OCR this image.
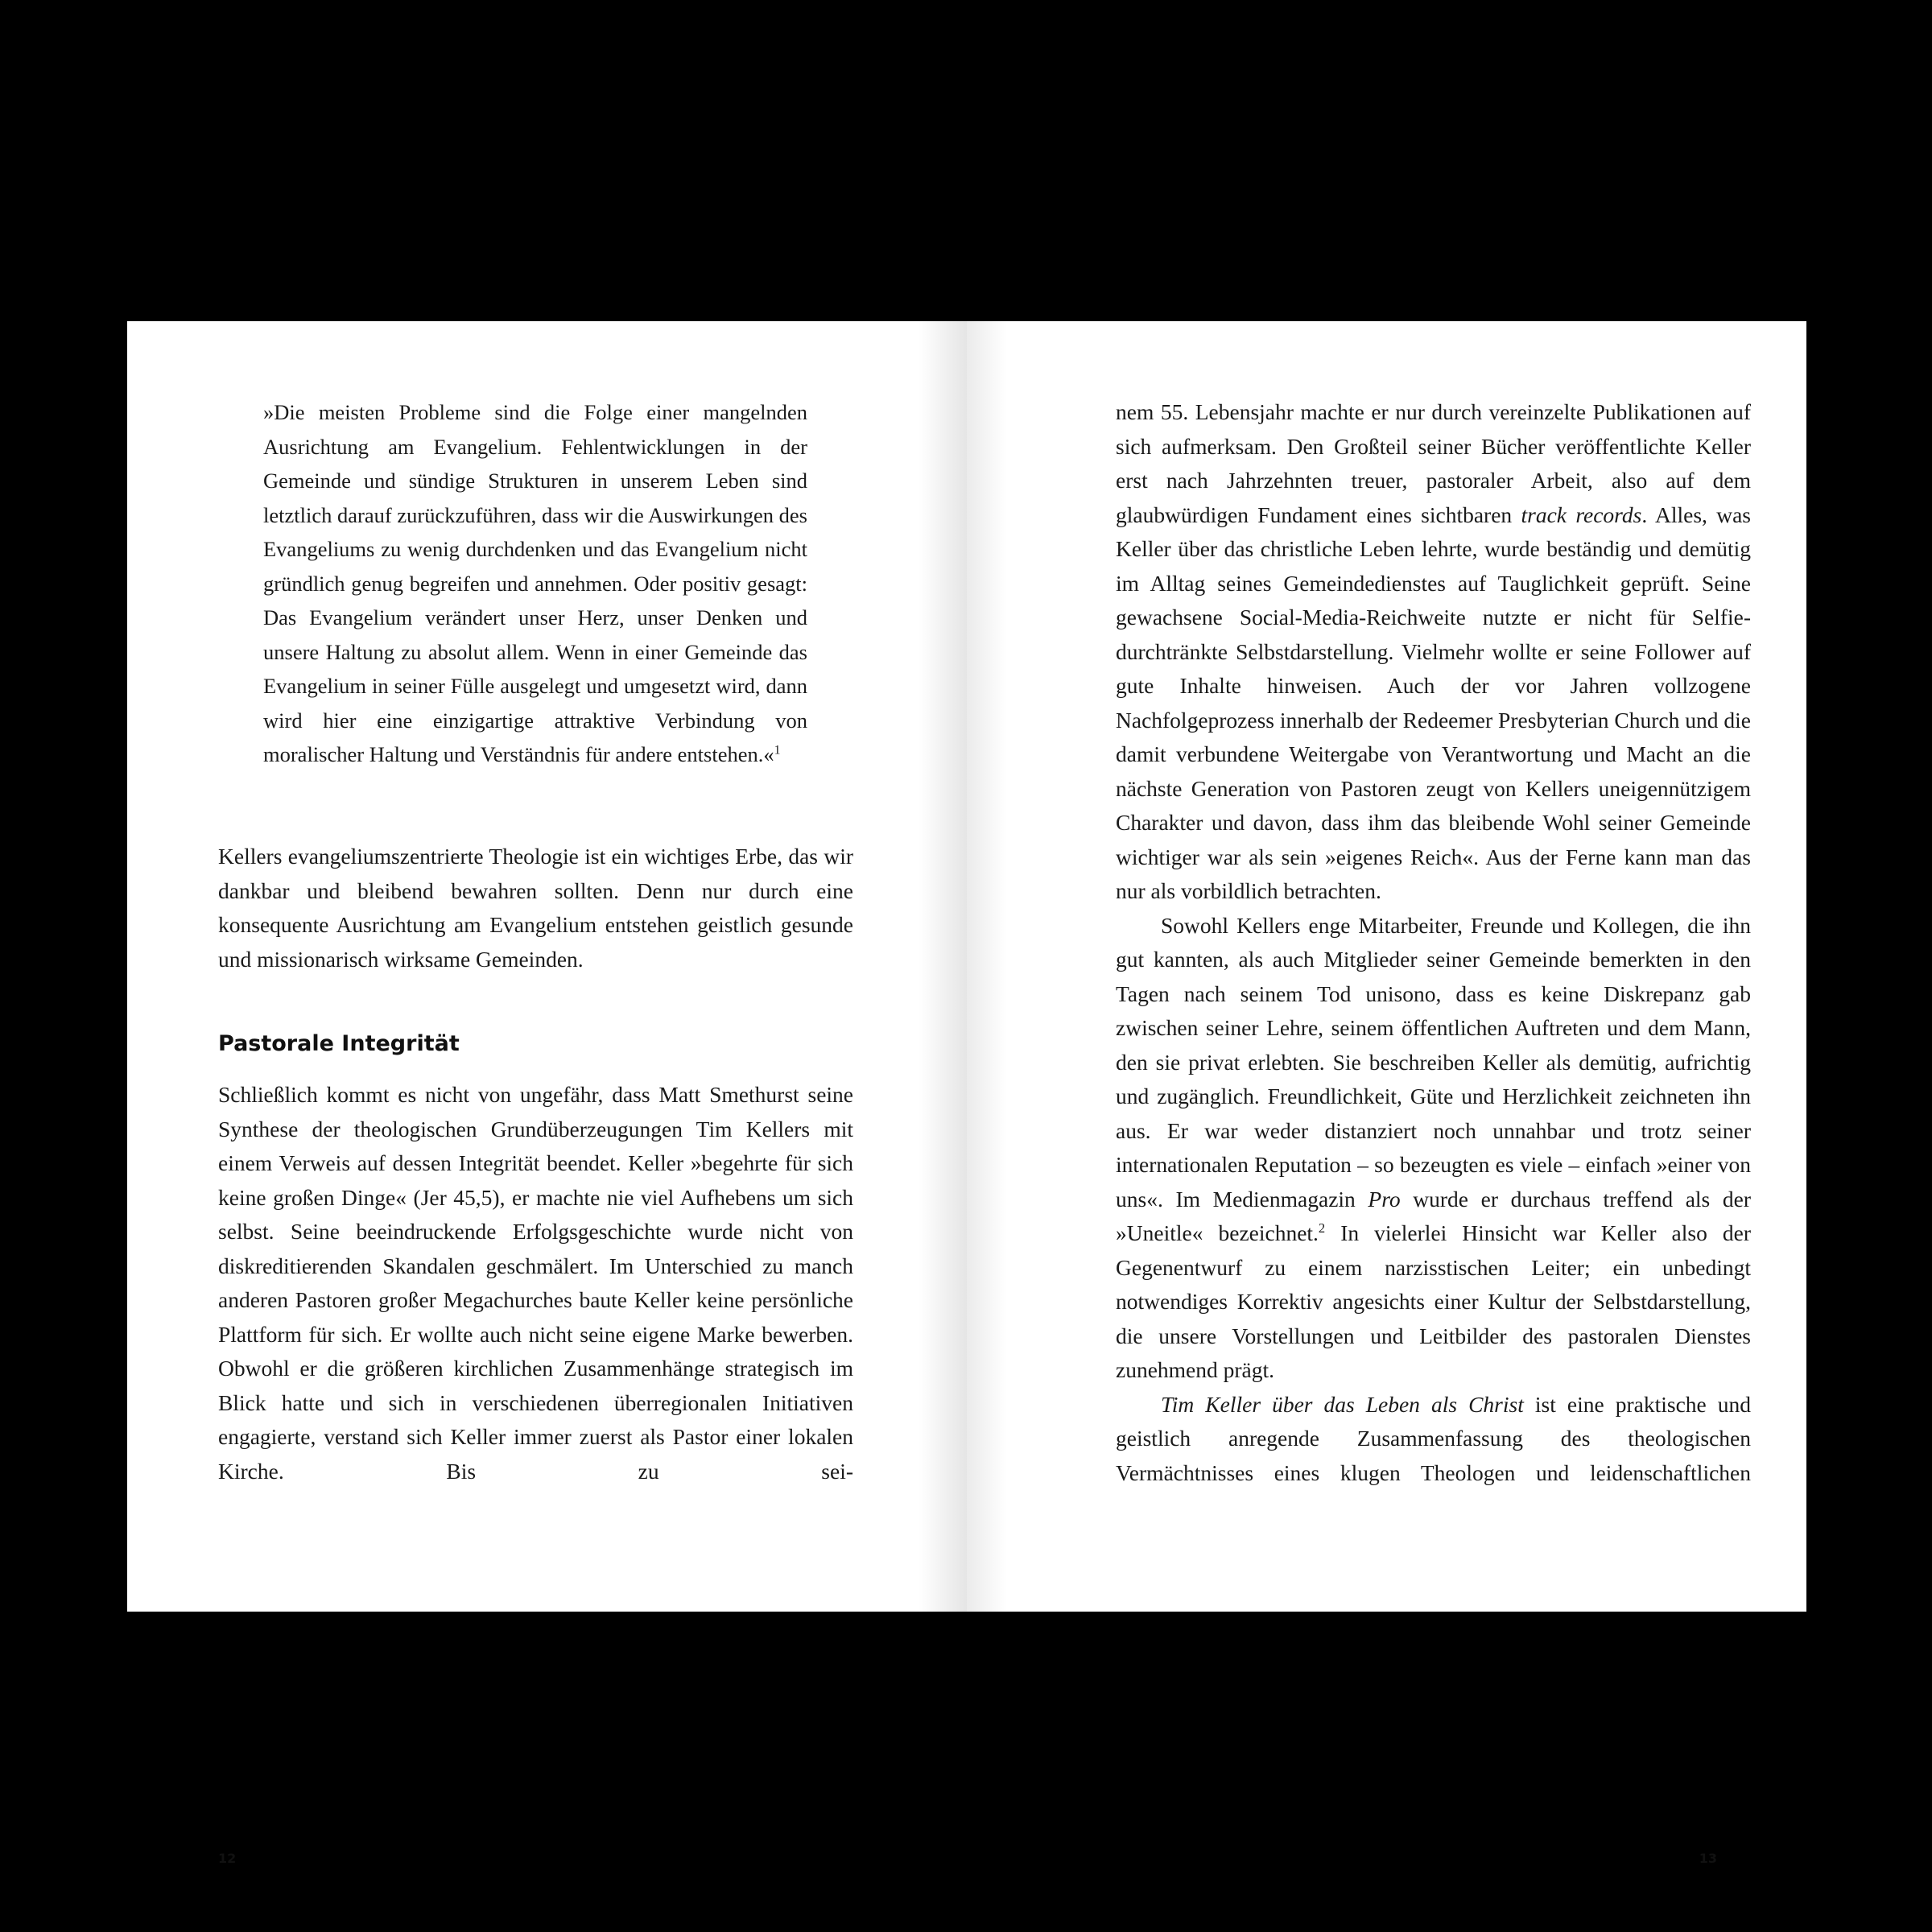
»Die meisten Probleme sind die Folge einer mangelnden Ausrichtung am Evangelium. Fehlentwicklungen in der Gemeinde und sündige Strukturen in unserem Leben sind letztlich darauf zurückzuführen, dass wir die Auswirkungen des Evangeliums zu wenig durchdenken und das Evangelium nicht gründlich genug begreifen und annehmen. Oder positiv gesagt: Das Evangelium verändert unser Herz, unser Denken und unsere Haltung zu absolut allem. Wenn in einer Gemeinde das Evangelium in seiner Fülle ausgelegt und umgesetzt wird, dann wird hier eine einzigartige attraktive Verbindung von moralischer Haltung und Verständnis für andere entstehen.«$^1$

Kellers evangeliumszentrierte Theologie ist ein wichtiges Erbe, das wir dankbar und bleibend bewahren sollten. Denn nur durch eine konsequente Ausrichtung am Evangelium entstehen geistlich gesunde und missionarisch wirksame Gemeinden.

Pastorale Integrität

Schließlich kommt es nicht von ungefähr, dass Matt Smethurst seine Synthese der theologischen Grundüberzeugungen Tim Kellers mit einem Verweis auf dessen Integrität beendet. Keller »begehrte für sich keine großen Dinge« (Jer 45,5), er machte nie viel Aufhebens um sich selbst. Seine beeindruckende Erfolgsgeschichte wurde nicht von diskreditierenden Skandalen geschmälert. Im Unterschied zu manch anderen Pastoren großer Megachurches baute Keller keine persönliche Plattform für sich. Er wollte auch nicht seine eigene Marke bewerben. Obwohl er die größeren kirchlichen Zusammenhänge strategisch im Blick hatte und sich in verschiedenen überregionalen Initiativen engagierte, verstand sich Keller immer zuerst als Pastor einer lokalen Kirche. Bis zu sei-

12

nem 55. Lebensjahr machte er nur durch vereinzelte Publikationen auf sich aufmerksam. Den Großteil seiner Bücher veröffentlichte Keller erst nach Jahrzehnten treuer, pastoraler Arbeit, also auf dem glaubwürdigen Fundament eines sichtbaren track records. Alles, was Keller über das christliche Leben lehrte, wurde beständig und demütig im Alltag seines Gemeindedienstes auf Tauglichkeit geprüft. Seine gewachsene Social-Media-Reichweite nutzte er nicht für Selfie-durchtränkte Selbstdarstellung. Vielmehr wollte er seine Follower auf gute Inhalte hinweisen. Auch der vor Jahren vollzogene Nachfolgeprozess innerhalb der Redeemer Presbyterian Church und die damit verbundene Weitergabe von Verantwortung und Macht an die nächste Generation von Pastoren zeugt von Kellers uneigennützigem Charakter und davon, dass ihm das bleibende Wohl seiner Gemeinde wichtiger war als sein »eigenes Reich«. Aus der Ferne kann man das nur als vorbildlich betrachten.

Sowohl Kellers enge Mitarbeiter, Freunde und Kollegen, die ihn gut kannten, als auch Mitglieder seiner Gemeinde bemerkten in den Tagen nach seinem Tod unisono, dass es keine Diskrepanz gab zwischen seiner Lehre, seinem öffentlichen Auftreten und dem Mann, den sie privat erlebten. Sie beschreiben Keller als demütig, aufrichtig und zugänglich. Freundlichkeit, Güte und Herzlichkeit zeichneten ihn aus. Er war weder distanziert noch unnahbar und trotz seiner internationalen Reputation – so bezeugten es viele – einfach »einer von uns«. Im Medienmagazin Pro wurde er durchaus treffend als der »Uneitle« bezeichnet.$^2$ In vielerlei Hinsicht war Keller also der Gegenentwurf zu einem narzisstischen Leiter; ein unbedingt notwendiges Korrektiv angesichts einer Kultur der Selbstdarstellung, die unsere Vorstellungen und Leitbilder des pastoralen Dienstes zunehmend prägt.

Tim Keller über das Leben als Christ ist eine praktische und geistlich anregende Zusammenfassung des theologischen Vermächtnisses eines klugen Theologen und leidenschaftlichen

13
